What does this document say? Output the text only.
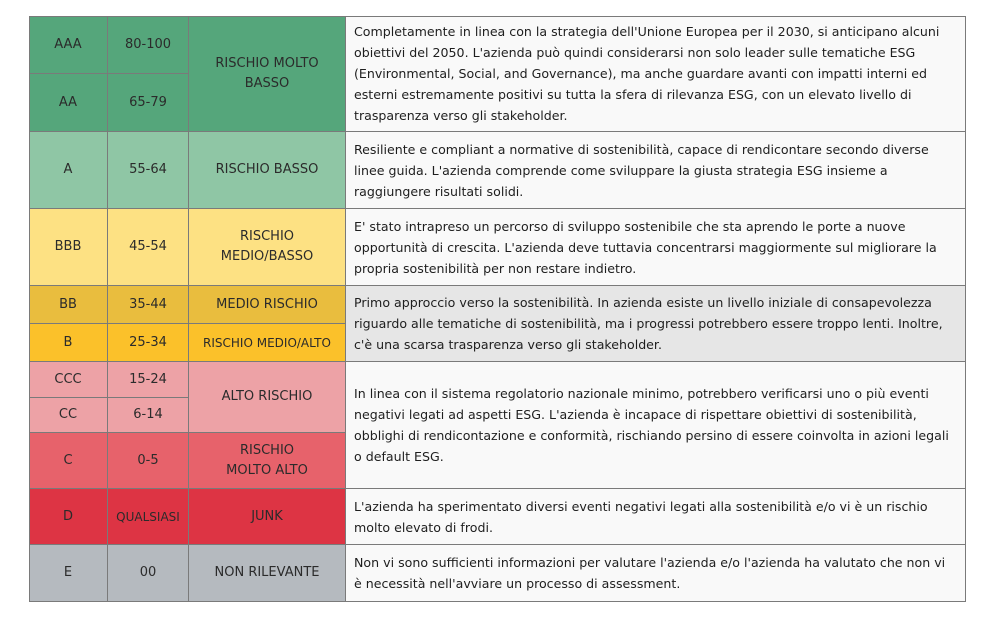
AAA
AA
A
BBB
BB
B
CCC
CC
C
D
E
80-100
65-79
55-64
45-54
35-44
25-34
15-24
6-14
0-5
QUALSIASI
00
RISCHIO MOLTO BASSO
RISCHIO BASSO
RISCHIO MEDIO/BASSO
MEDIO RISCHIO
RISCHIO MEDIO/ALTO
ALTO RISCHIO
RISCHIO MOLTO ALTO
JUNK
NON RILEVANTE
Completamente in linea con la strategia dell'Unione Europea per il 2030, si anticipano alcuni obiettivi del 2050. L'azienda può quindi considerarsi non solo leader sulle tematiche ESG (Environmental, Social, and Governance), ma anche guardare avanti con impatti interni ed esterni estremamente positivi su tutta la sfera di rilevanza ESG, con un elevato livello di trasparenza verso gli stakeholder.
Resiliente e compliant a normative di sostenibilità, capace di rendicontare secondo diverse linee guida. L'azienda comprende come sviluppare la giusta strategia ESG insieme a raggiungere risultati solidi.
E' stato intrapreso un percorso di sviluppo sostenibile che sta aprendo le porte a nuove opportunità di crescita. L'azienda deve tuttavia concentrarsi maggiormente sul migliorare la propria sostenibilità per non restare indietro.
Primo approccio verso la sostenibilità. In azienda esiste un livello iniziale di consapevolezza riguardo alle tematiche di sostenibilità, ma i progressi potrebbero essere troppo lenti. Inoltre, c'è una scarsa trasparenza verso gli stakeholder.
In linea con il sistema regolatorio nazionale minimo, potrebbero verificarsi uno o più eventi negativi legati ad aspetti ESG. L'azienda è incapace di rispettare obiettivi di sostenibilità, obblighi di rendicontazione e conformità, rischiando persino di essere coinvolta in azioni legali o default ESG.
L'azienda ha sperimentato diversi eventi negativi legati alla sostenibilità e/o vi è un rischio molto elevato di frodi.
Non vi sono sufficienti informazioni per valutare l'azienda e/o l'azienda ha valutato che non vi è necessità nell'avviare un processo di assessment.
